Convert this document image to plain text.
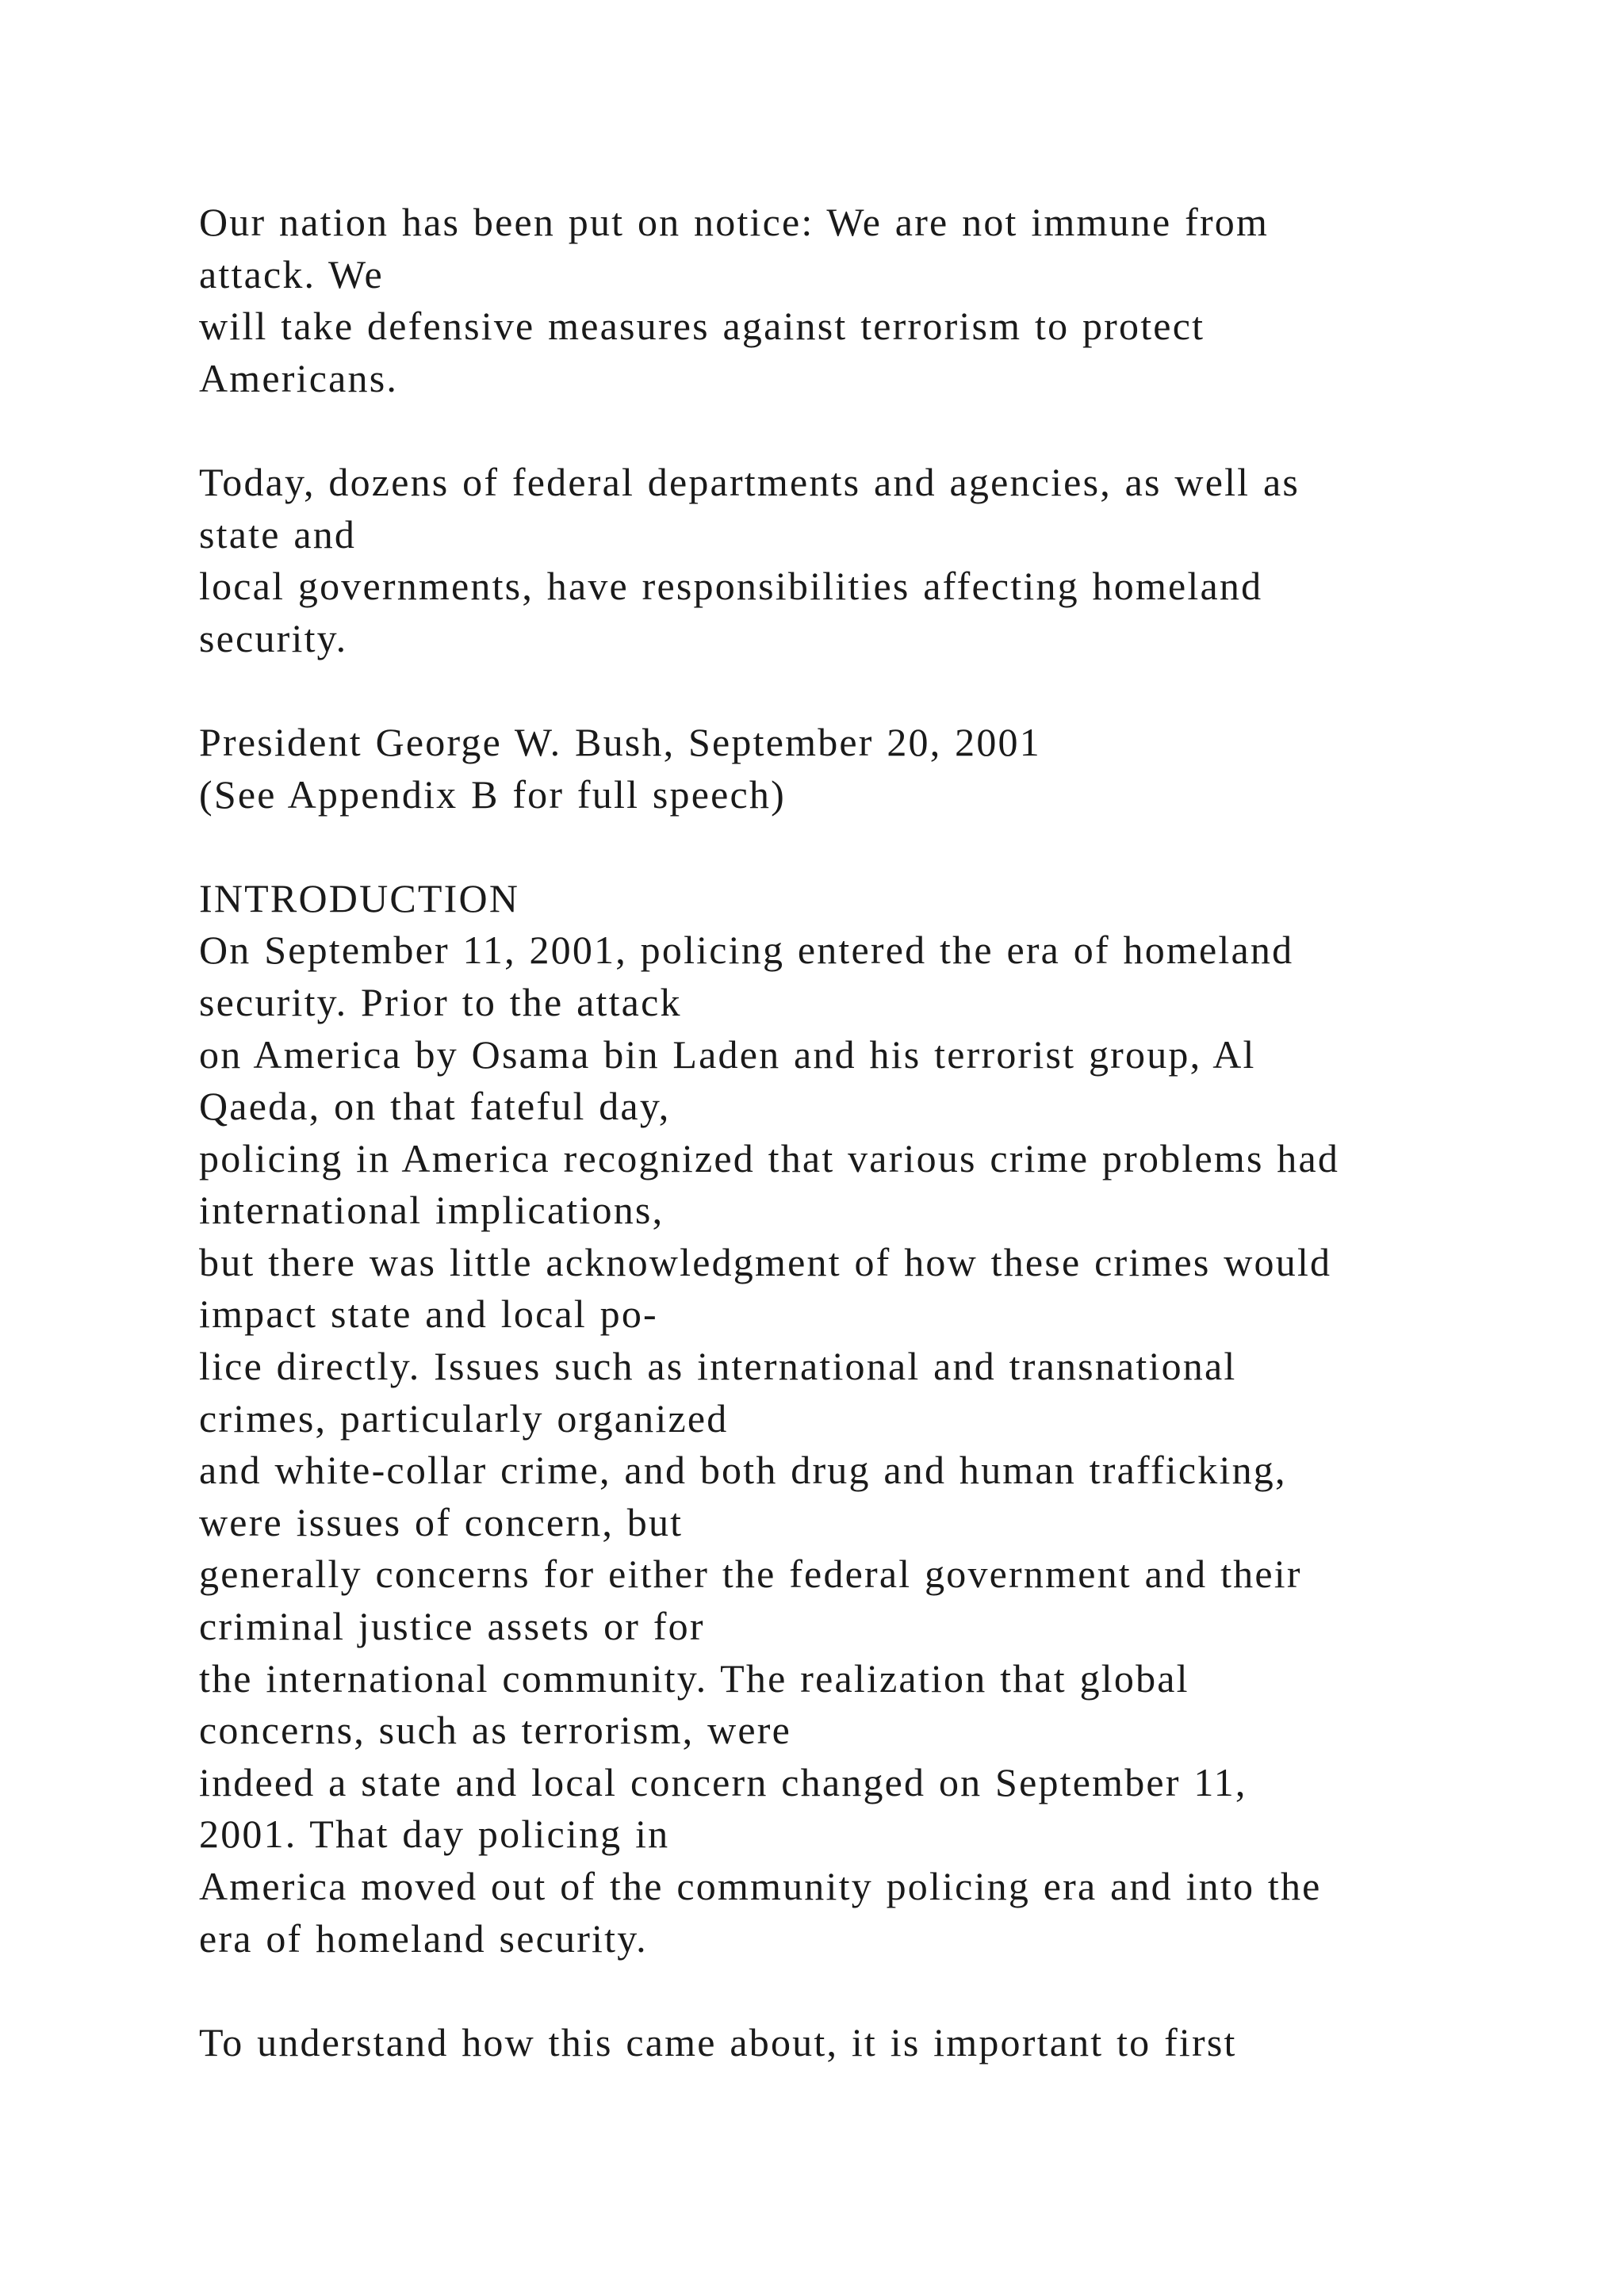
Our nation has been put on notice: We are not immune from
attack. We
will take defensive measures against terrorism to protect
Americans.
Today, dozens of federal departments and agencies, as well as
state and
local governments, have responsibilities affecting homeland
security.
President George W. Bush, September 20, 2001
(See Appendix B for full speech)
INTRODUCTION
On September 11, 2001, policing entered the era of homeland
security. Prior to the attack
on America by Osama bin Laden and his terrorist group, Al
Qaeda, on that fateful day,
policing in America recognized that various crime problems had
international implications,
but there was little acknowledgment of how these crimes would
impact state and local po-
lice directly. Issues such as international and transnational
crimes, particularly organized
and white-collar crime, and both drug and human trafficking,
were issues of concern, but
generally concerns for either the federal government and their
criminal justice assets or for
the international community. The realization that global
concerns, such as terrorism, were
indeed a state and local concern changed on September 11,
2001. That day policing in
America moved out of the community policing era and into the
era of homeland security.
To understand how this came about, it is important to first
